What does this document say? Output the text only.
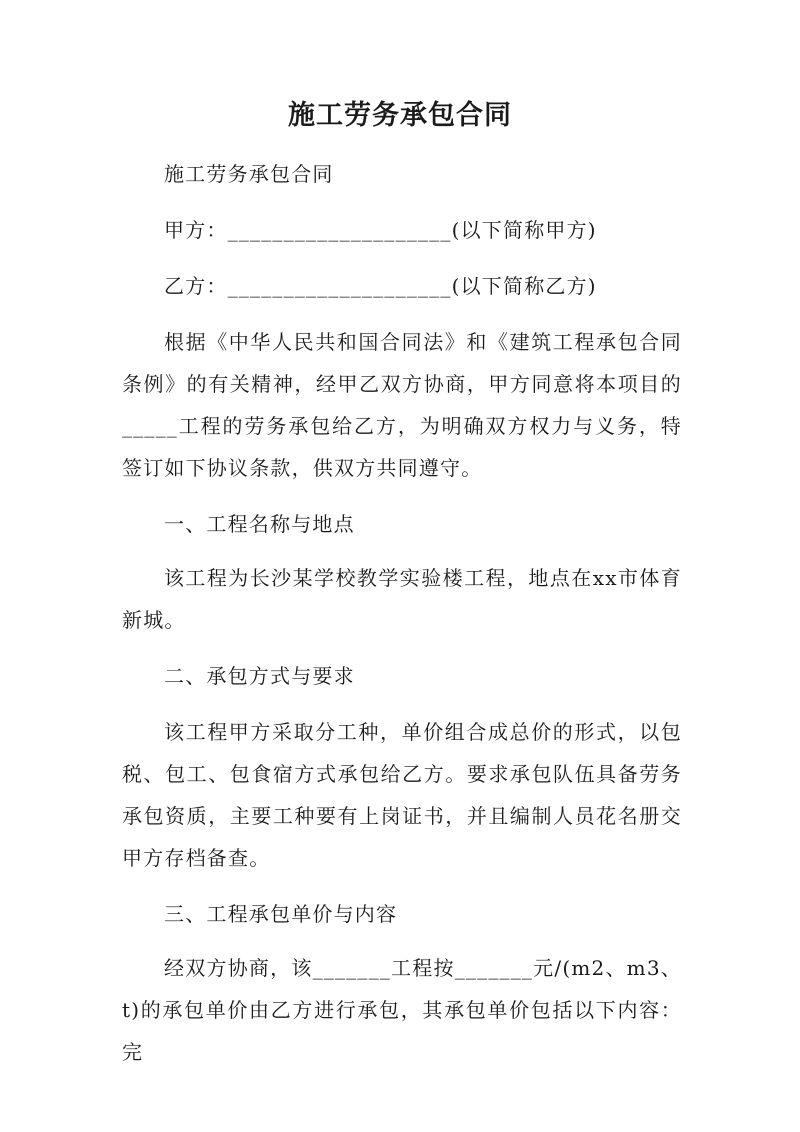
施工劳务承包合同
施工劳务承包合同
甲方：____________________(以下简称甲方)
乙方：____________________(以下简称乙方)
根据《中华人民共和国合同法》和《建筑工程承包合同条例》的有关精神，经甲乙双方协商，甲方同意将本项目的_____工程的劳务承包给乙方，为明确双方权力与义务，特签订如下协议条款，供双方共同遵守。
一、工程名称与地点
该工程为长沙某学校教学实验楼工程，地点在xx市体育新城。
二、承包方式与要求
该工程甲方采取分工种，单价组合成总价的形式，以包税、包工、包食宿方式承包给乙方。要求承包队伍具备劳务承包资质，主要工种要有上岗证书，并且编制人员花名册交甲方存档备查。
三、工程承包单价与内容
经双方协商，该_______工程按_______元/(m2、m3、t)的承包单价由乙方进行承包，其承包单价包括以下内容：完
